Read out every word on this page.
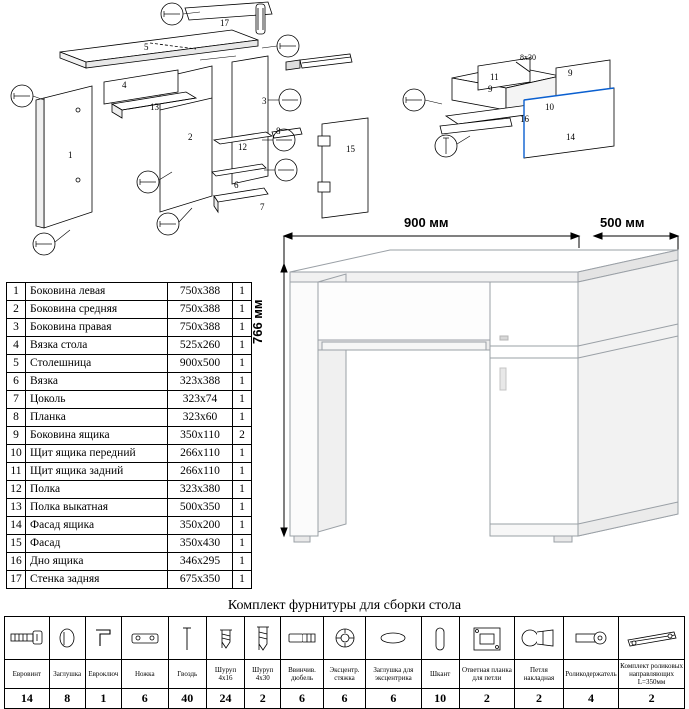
1
2
3
4
5
6
7
8
12
13
15
17
9
10
11
14
16
9
8x30
1	Боковина левая	750x388	1
2	Боковина средняя	750x388	1
3	Боковина правая	750x388	1
4	Вязка стола	525x260	1
5	Столешница	900x500	1
6	Вязка	323x388	1
7	Цоколь	323x74	1
8	Планка	323x60	1
9	Боковина ящика	350x110	2
10	Щит ящика передний	266x110	1
11	Щит ящика задний	266x110	1
12	Полка	323x380	1
13	Полка выкатная	500x350	1
14	Фасад ящика	350x200	1
15	Фасад	350x430	1
16	Дно ящика	346x295	1
17	Стенка задняя	675x350	1
900 мм	500 мм
766 мм
Комплект фурнитуры для сборки стола

Евровинт	Заглушка	Евроключ	Ножка	Гвоздь	Шуруп 4х16	Шуруп 4х30	Ввинчив. дюбель	Эксцентр. стяжка	Заглушка для эксцентрика	Шкант	Ответная планка для петли	Петля накладная	Роликодержатель	Комплект роликовых направляющих L=350мм
14	8	1	6	40	24	2	6	6	6	10	2	2	4	2
